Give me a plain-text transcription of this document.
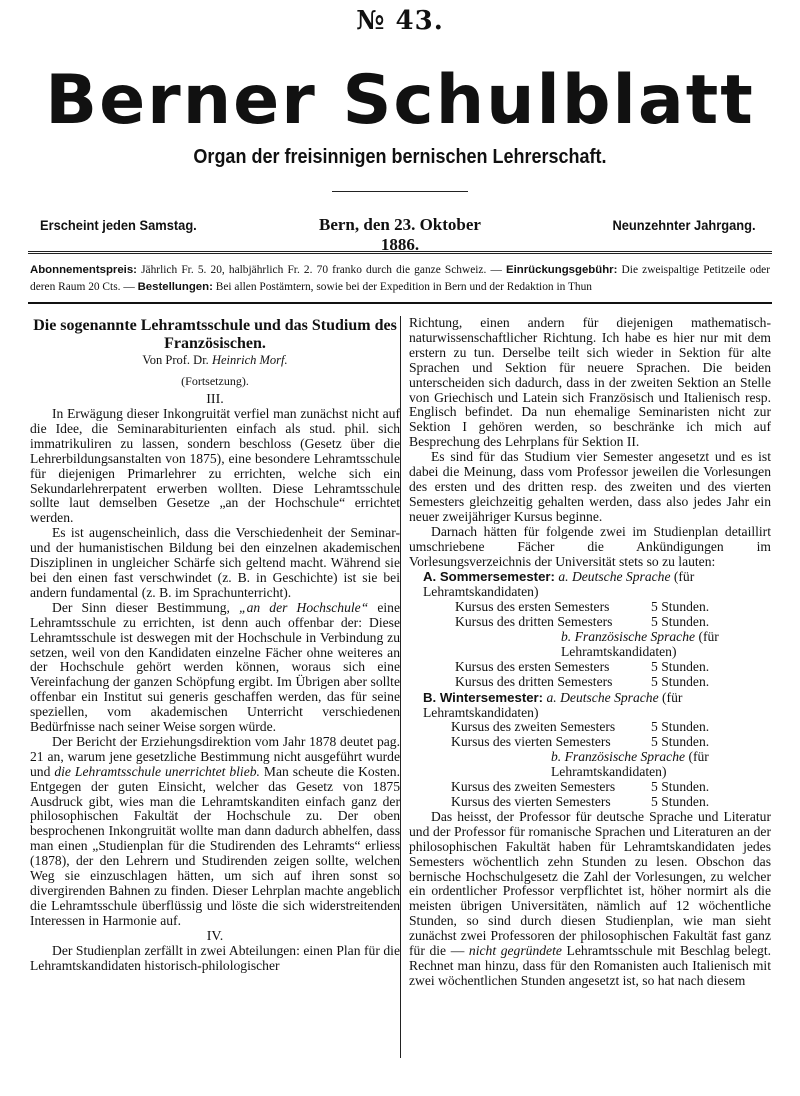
№ 43.
Berner Schulblatt
Organ der freisinnigen bernischen Lehrerschaft.
Erscheint jeden Samstag.	Bern, den 23. Oktober 1886.
Neunzehnter Jahrgang.
Abonnementspreis: Jährlich Fr. 5. 20, halbjährlich Fr. 2. 70 franko durch die ganze Schweiz. — Einrückungsgebühr: Die zweispaltige Petitzeile oder deren Raum 20 Cts. — Bestellungen: Bei allen Postämtern, sowie bei der Expedition in Bern und der Redaktion in Thun
Die sogenannte Lehramtsschule und das Studium des Französischen.
Von Prof. Dr. Heinrich Morf.
(Fortsetzung).
III.

In Erwägung dieser Inkongruität verfiel man zunächst nicht auf die Idee, die Seminarabiturienten einfach als stud. phil. sich immatrikuliren zu lassen, sondern beschloss (Gesetz über die Lehrerbildungsanstalten von 1875), eine besondere Lehramtsschule für diejenigen Primarlehrer zu errichten, welche sich ein Sekundarlehrerpatent erwerben wollten. Diese Lehramtsschule sollte laut demselben Gesetze „an der Hochschule“ errichtet werden.

Es ist augenscheinlich, dass die Verschiedenheit der Seminar- und der humanistischen Bildung bei den einzelnen akademischen Disziplinen in ungleicher Schärfe sich geltend macht. Während sie bei den einen fast verschwindet (z. B. in Geschichte) ist sie bei andern fundamental (z. B. im Sprachunterricht).

Der Sinn dieser Bestimmung, „an der Hochschule“ eine Lehramtsschule zu errichten, ist denn auch offenbar der: Diese Lehramtsschule ist deswegen mit der Hochschule in Verbindung zu setzen, weil von den Kandidaten einzelne Fächer ohne weiteres an der Hochschule gehört werden können, woraus sich eine Vereinfachung der ganzen Schöpfung ergibt. Im Übrigen aber sollte offenbar ein Institut sui generis geschaffen werden, das für seine speziellen, vom akademischen Unterricht verschiedenen Bedürfnisse nach seiner Weise sorgen würde.

Der Bericht der Erziehungsdirektion vom Jahr 1878 deutet pag. 21 an, warum jene gesetzliche Bestimmung nicht ausgeführt wurde und die Lehramtsschule unerrichtet blieb. Man scheute die Kosten. Entgegen der guten Einsicht, welcher das Gesetz von 1875 Ausdruck gibt, wies man die Lehramtskanditen einfach ganz der philosophischen Fakultät der Hochschule zu. Der oben besprochenen Inkongruität wollte man dann dadurch abhelfen, dass man einen „Studienplan für die Studirenden des Lehramts“ erliess (1878), der den Lehrern und Studirenden zeigen sollte, welchen Weg sie einzuschlagen hätten, um sich auf ihren sonst so divergirenden Bahnen zu finden. Dieser Lehrplan machte angeblich die Lehramtsschule überflüssig und löste die sich widerstreitenden Interessen in Harmonie auf.

IV.

Der Studienplan zerfällt in zwei Abteilungen: einen Plan für die Lehramtskandidaten historisch-philologischer

Richtung, einen andern für diejenigen mathematisch-naturwissenschaftlicher Richtung. Ich habe es hier nur mit dem erstern zu tun. Derselbe teilt sich wieder in Sektion für alte Sprachen und Sektion für neuere Sprachen. Die beiden unterscheiden sich dadurch, dass in der zweiten Sektion an Stelle von Griechisch und Latein sich Französisch und Italienisch resp. Englisch befindet. Da nun ehemalige Seminaristen nicht zur Sektion I gehören werden, so beschränke ich mich auf Besprechung des Lehrplans für Sektion II.

Es sind für das Studium vier Semester angesetzt und es ist dabei die Meinung, dass vom Professor jeweilen die Vorlesungen des ersten und des dritten resp. des zweiten und des vierten Semesters gleichzeitig gehalten werden, dass also jedes Jahr ein neuer zweijähriger Kursus beginne.

Darnach hätten für folgende zwei im Studienplan detaillirt umschriebene Fächer die Ankündigungen im Vorlesungsverzeichnis der Universität stets so zu lauten:

A. Sommersemester: a. Deutsche Sprache (für Lehramtskandidaten)
Kursus des ersten Semesters	5 Stunden.
Kursus des dritten Semesters	5 Stunden.
b. Französische Sprache (für Lehramtskandidaten)
Kursus des ersten Semesters	5 Stunden.
Kursus des dritten Semesters	5 Stunden.
B. Wintersemester: a. Deutsche Sprache (für Lehramtskandidaten)
Kursus des zweiten Semesters	5 Stunden.
Kursus des vierten Semesters	5 Stunden.
b. Französische Sprache (für Lehramtskandidaten)
Kursus des zweiten Semesters	5 Stunden.
Kursus des vierten Semesters	5 Stunden.

Das heisst, der Professor für deutsche Sprache und Literatur und der Professor für romanische Sprachen und Literaturen an der philosophischen Fakultät haben für Lehramtskandidaten jedes Semesters wöchentlich zehn Stunden zu lesen. Obschon das bernische Hochschulgesetz die Zahl der Vorlesungen, zu welcher ein ordentlicher Professor verpflichtet ist, höher normirt als die meisten übrigen Universitäten, nämlich auf 12 wöchentliche Stunden, so sind durch diesen Studienplan, wie man sieht zunächst zwei Professoren der philosophischen Fakultät fast ganz für die — nicht gegründete Lehramtsschule mit Beschlag belegt. Rechnet man hinzu, dass für den Romanisten auch Italienisch mit zwei wöchentlichen Stunden angesetzt ist, so hat nach diesem
